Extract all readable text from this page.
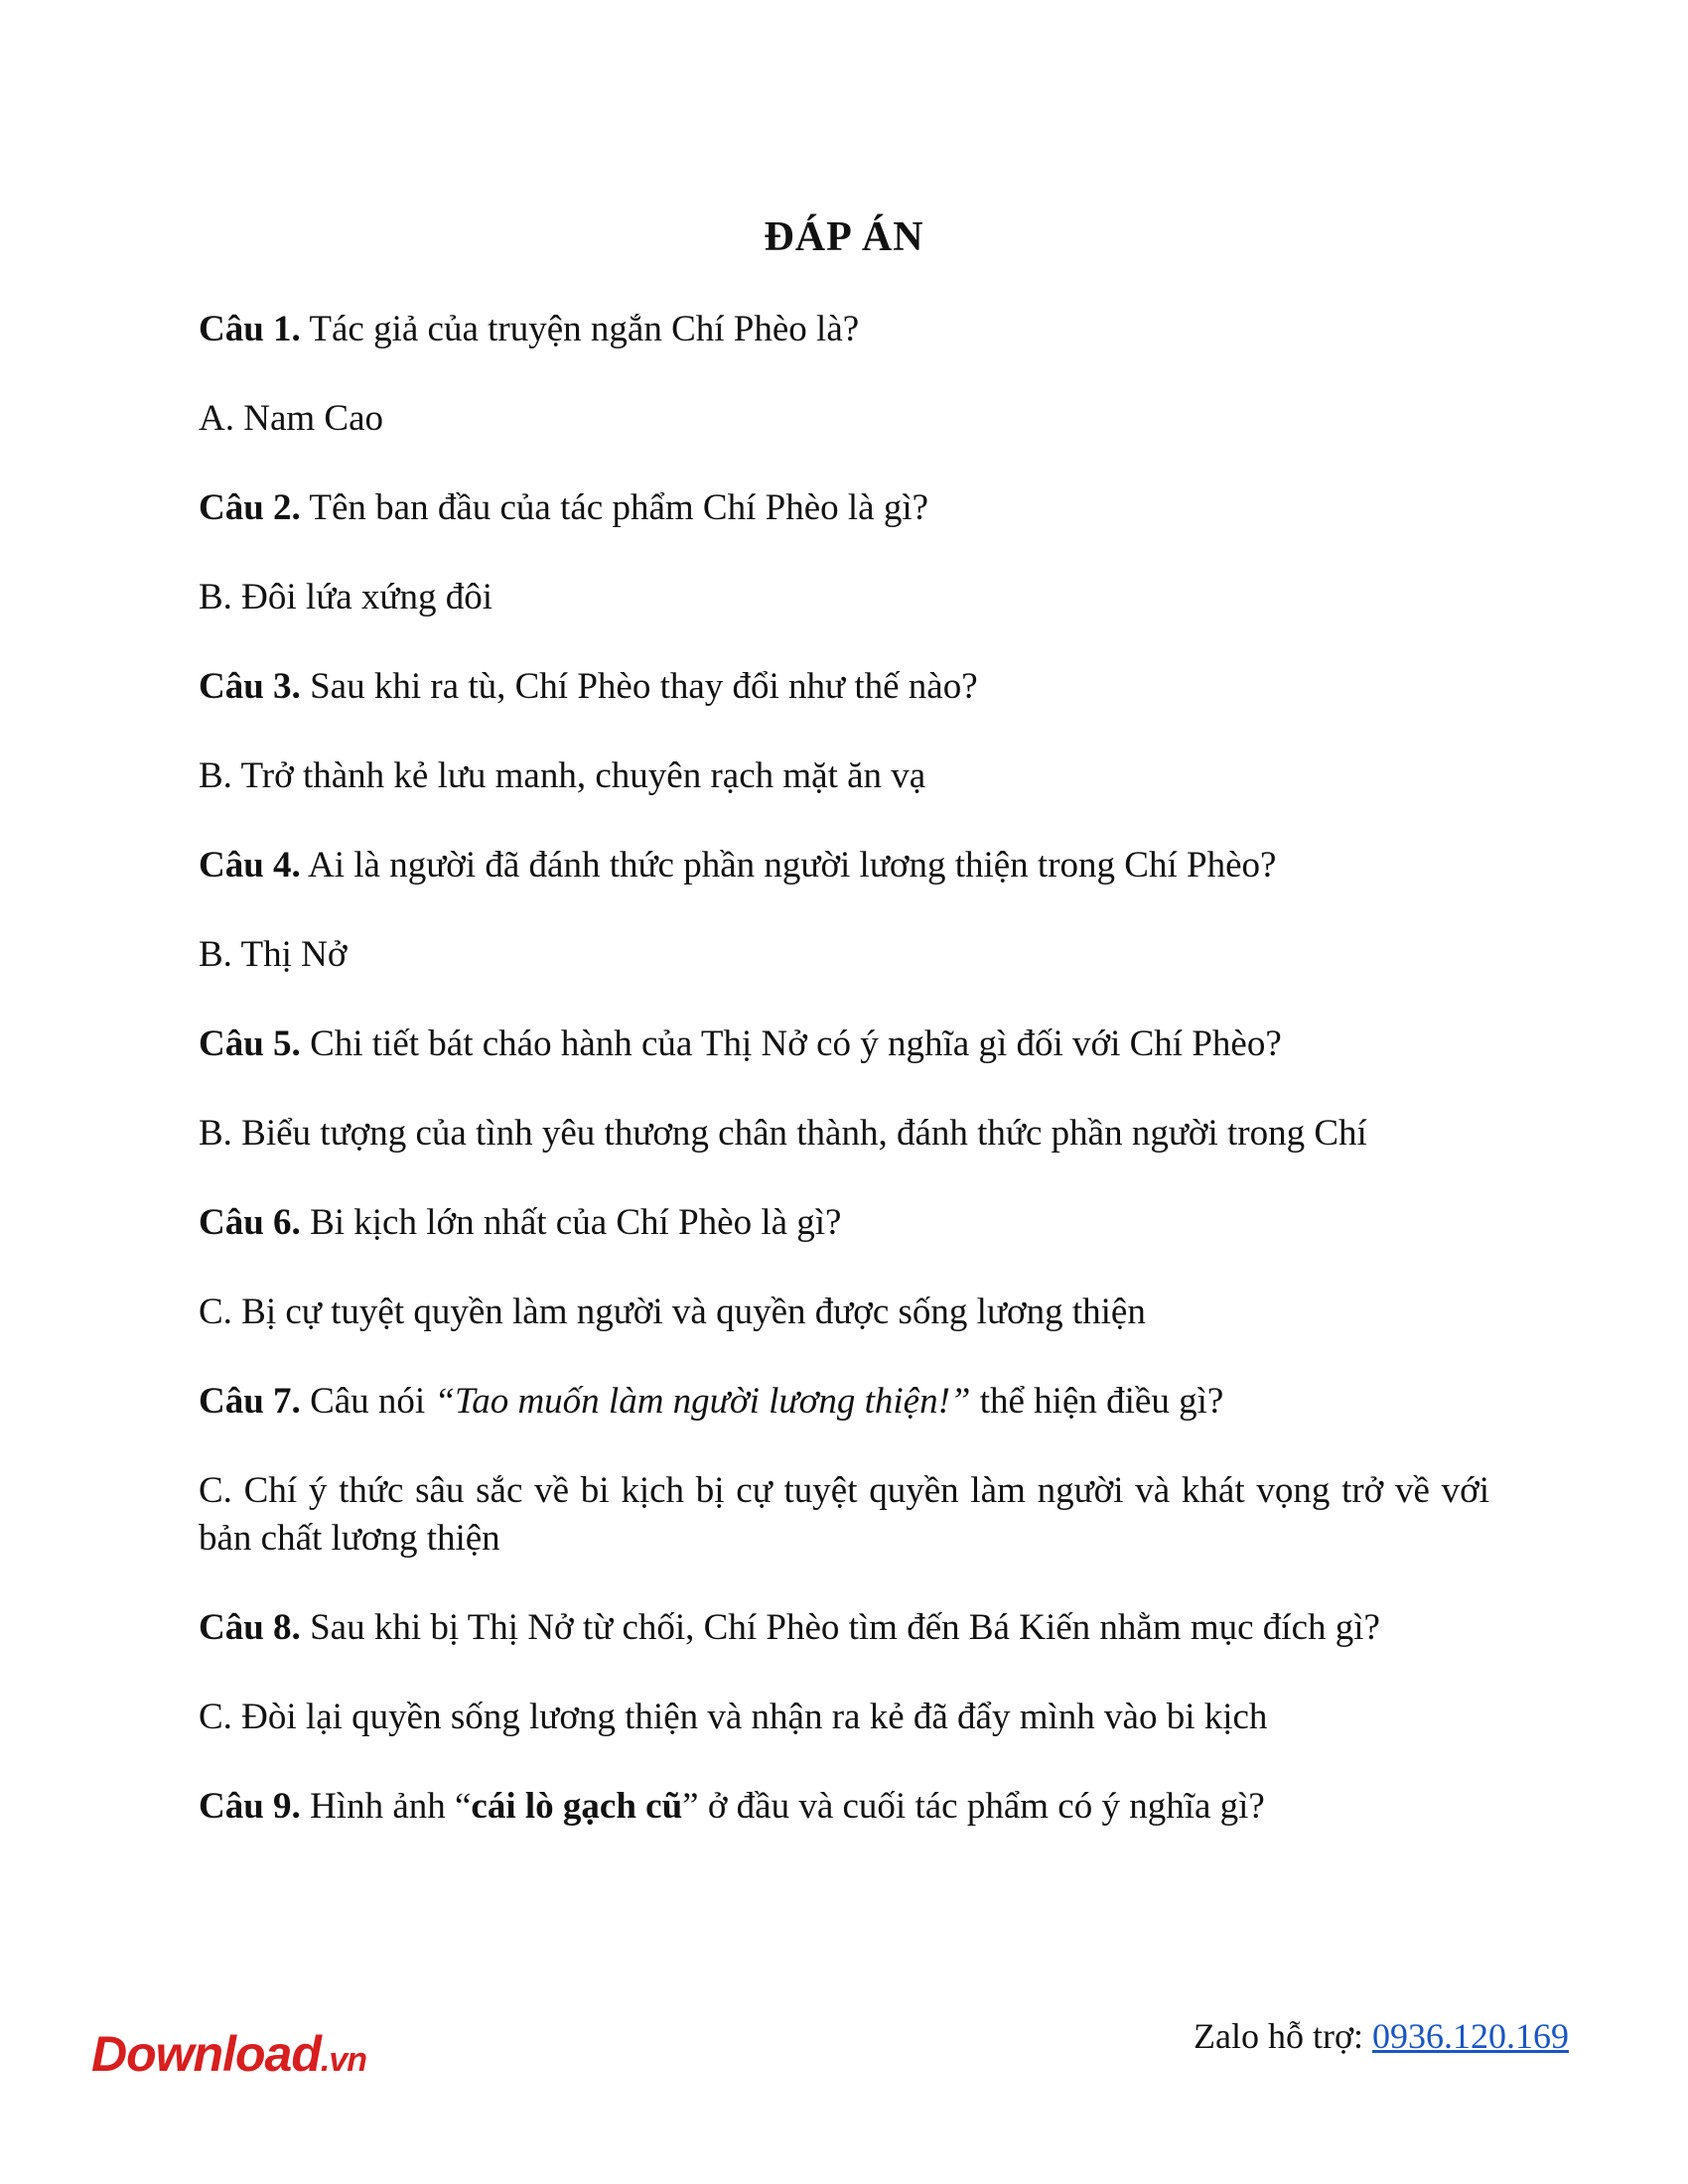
ĐÁP ÁN

Câu 1. Tác giả của truyện ngắn Chí Phèo là?

A. Nam Cao

Câu 2. Tên ban đầu của tác phẩm Chí Phèo là gì?

B. Đôi lứa xứng đôi

Câu 3. Sau khi ra tù, Chí Phèo thay đổi như thế nào?

B. Trở thành kẻ lưu manh, chuyên rạch mặt ăn vạ

Câu 4. Ai là người đã đánh thức phần người lương thiện trong Chí Phèo?

B. Thị Nở

Câu 5. Chi tiết bát cháo hành của Thị Nở có ý nghĩa gì đối với Chí Phèo?

B. Biểu tượng của tình yêu thương chân thành, đánh thức phần người trong Chí

Câu 6. Bi kịch lớn nhất của Chí Phèo là gì?

C. Bị cự tuyệt quyền làm người và quyền được sống lương thiện

Câu 7. Câu nói “Tao muốn làm người lương thiện!” thể hiện điều gì?

C. Chí ý thức sâu sắc về bi kịch bị cự tuyệt quyền làm người và khát vọng trở về với bản chất lương thiện

Câu 8. Sau khi bị Thị Nở từ chối, Chí Phèo tìm đến Bá Kiến nhằm mục đích gì?

C. Đòi lại quyền sống lương thiện và nhận ra kẻ đã đẩy mình vào bi kịch

Câu 9. Hình ảnh “cái lò gạch cũ” ở đầu và cuối tác phẩm có ý nghĩa gì?

Download.vn
Zalo hỗ trợ: 0936.120.169
